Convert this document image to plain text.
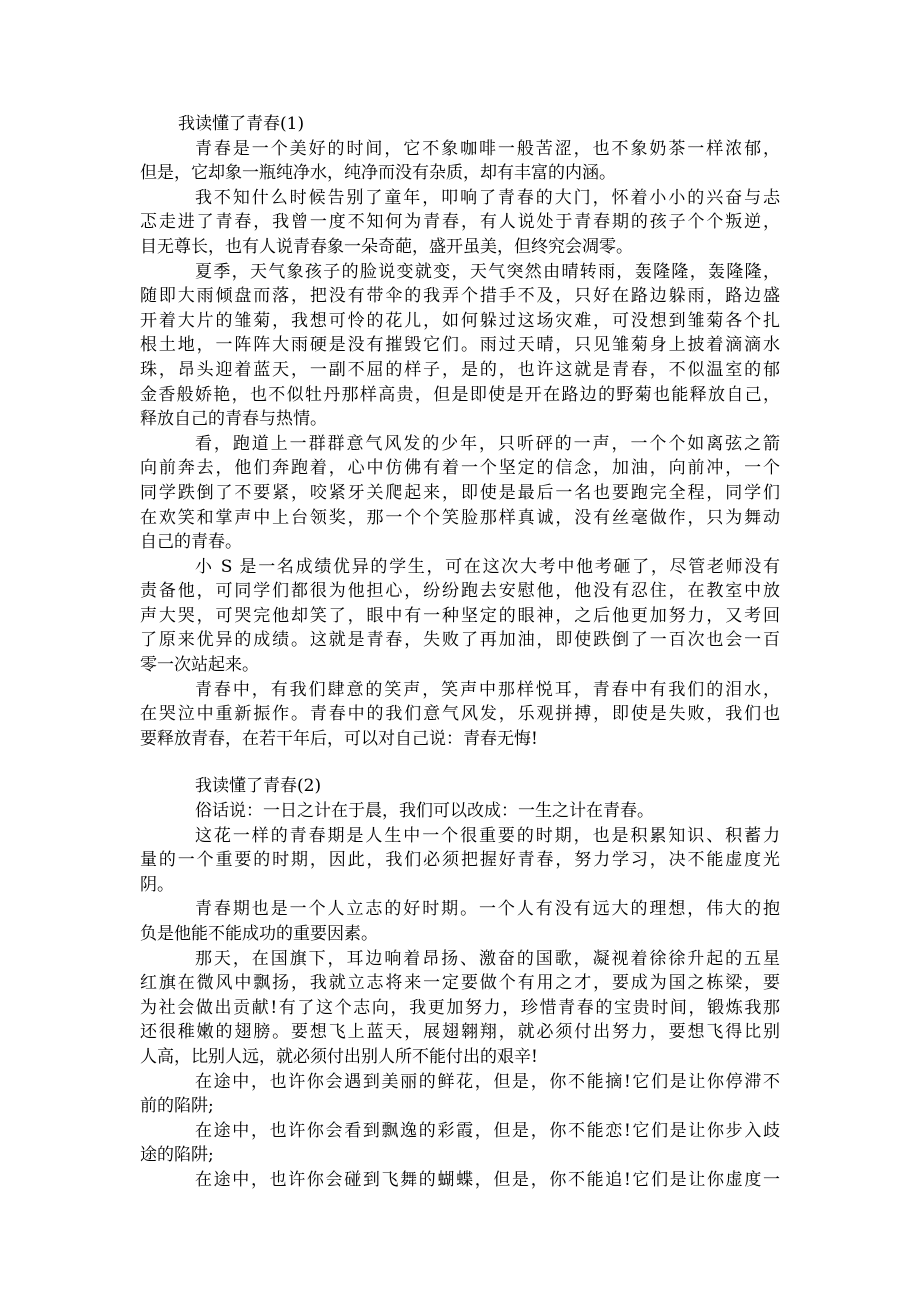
我读懂了青春(1)
青春是一个美好的时间，它不象咖啡一般苦涩，也不象奶茶一样浓郁，
但是，它却象一瓶纯净水，纯净而没有杂质，却有丰富的内涵。
我不知什么时候告别了童年，叩响了青春的大门，怀着小小的兴奋与忐
忑走进了青春，我曾一度不知何为青春，有人说处于青春期的孩子个个叛逆，
目无尊长，也有人说青春象一朵奇葩，盛开虽美，但终究会凋零。
夏季，天气象孩子的脸说变就变，天气突然由晴转雨，轰隆隆，轰隆隆，
随即大雨倾盘而落，把没有带伞的我弄个措手不及，只好在路边躲雨，路边盛
开着大片的雏菊，我想可怜的花儿，如何躲过这场灾难，可没想到雏菊各个扎
根土地，一阵阵大雨硬是没有摧毁它们。雨过天晴，只见雏菊身上披着滴滴水
珠，昂头迎着蓝天，一副不屈的样子，是的，也许这就是青春，不似温室的郁
金香般娇艳，也不似牡丹那样高贵，但是即使是开在路边的野菊也能释放自己，
释放自己的青春与热情。
看，跑道上一群群意气风发的少年，只听砰的一声，一个个如离弦之箭
向前奔去，他们奔跑着，心中仿佛有着一个坚定的信念，加油，向前冲，一个
同学跌倒了不要紧，咬紧牙关爬起来，即使是最后一名也要跑完全程，同学们
在欢笑和掌声中上台领奖，那一个个笑脸那样真诚，没有丝毫做作，只为舞动
自己的青春。
小 S 是一名成绩优异的学生，可在这次大考中他考砸了，尽管老师没有
责备他，可同学们都很为他担心，纷纷跑去安慰他，他没有忍住，在教室中放
声大哭，可哭完他却笑了，眼中有一种坚定的眼神，之后他更加努力，又考回
了原来优异的成绩。这就是青春，失败了再加油，即使跌倒了一百次也会一百
零一次站起来。
青春中，有我们肆意的笑声，笑声中那样悦耳，青春中有我们的泪水，
在哭泣中重新振作。青春中的我们意气风发，乐观拼搏，即使是失败，我们也
要释放青春，在若干年后，可以对自己说：青春无悔!
我读懂了青春(2)
俗话说：一日之计在于晨，我们可以改成：一生之计在青春。
这花一样的青春期是人生中一个很重要的时期，也是积累知识、积蓄力
量的一个重要的时期，因此，我们必须把握好青春，努力学习，决不能虚度光
阴。
青春期也是一个人立志的好时期。一个人有没有远大的理想，伟大的抱
负是他能不能成功的重要因素。
那天，在国旗下，耳边响着昂扬、激奋的国歌，凝视着徐徐升起的五星
红旗在微风中飘扬，我就立志将来一定要做个有用之才，要成为国之栋梁，要
为社会做出贡献!有了这个志向，我更加努力，珍惜青春的宝贵时间，锻炼我那
还很稚嫩的翅膀。要想飞上蓝天，展翅翱翔，就必须付出努力，要想飞得比别
人高，比别人远，就必须付出别人所不能付出的艰辛!
在途中，也许你会遇到美丽的鲜花，但是，你不能摘!它们是让你停滞不
前的陷阱;
在途中，也许你会看到飘逸的彩霞，但是，你不能恋!它们是让你步入歧
途的陷阱;
在途中，也许你会碰到飞舞的蝴蝶，但是，你不能追!它们是让你虚度一
